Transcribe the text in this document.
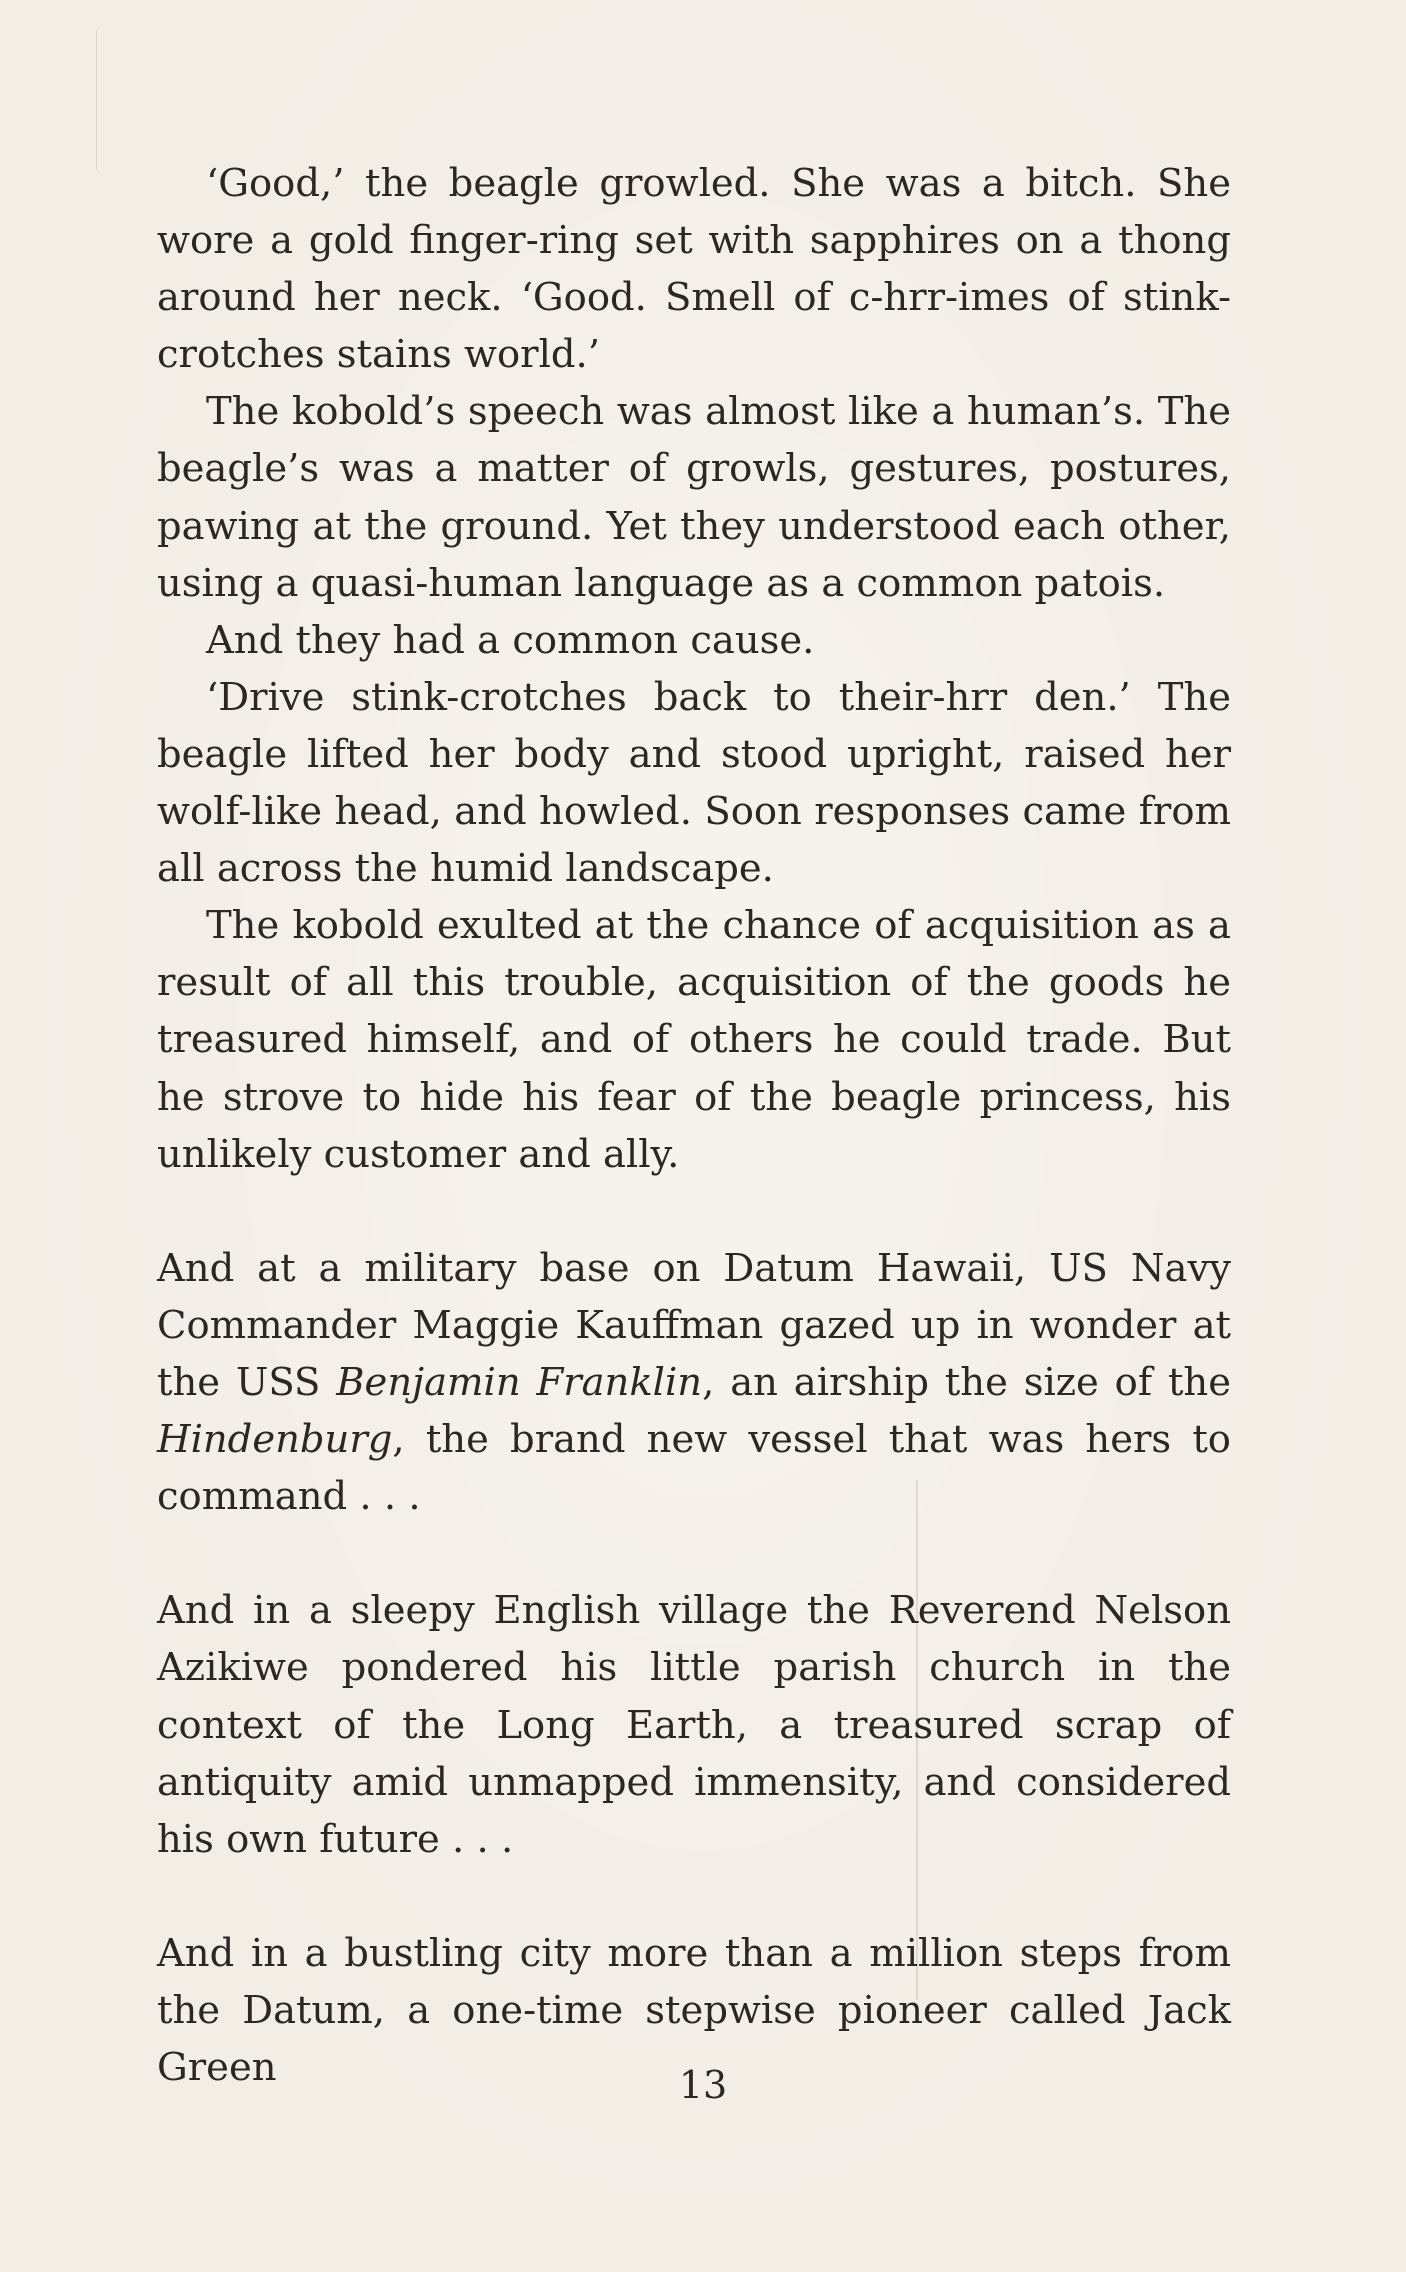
‘Good,’ the beagle growled. She was a bitch. She wore a gold finger-ring set with sapphires on a thong around her neck. ‘Good. Smell of c-hrr-imes of stink-crotches stains world.’

The kobold’s speech was almost like a human’s. The beagle’s was a matter of growls, gestures, postures, pawing at the ground. Yet they understood each other, using a quasi-human language as a common patois.

And they had a common cause.

‘Drive stink-crotches back to their-hrr den.’ The beagle lifted her body and stood upright, raised her wolf-like head, and howled. Soon responses came from all across the humid landscape.

The kobold exulted at the chance of acquisition as a result of all this trouble, acquisition of the goods he treasured himself, and of others he could trade. But he strove to hide his fear of the beagle princess, his unlikely customer and ally.

And at a military base on Datum Hawaii, US Navy Commander Maggie Kauffman gazed up in wonder at the USS Benjamin Franklin, an airship the size of the Hindenburg, the brand new vessel that was hers to command . . .

And in a sleepy English village the Reverend Nelson Azikiwe pondered his little parish church in the context of the Long Earth, a treasured scrap of antiquity amid unmapped immensity, and considered his own future . . .

And in a bustling city more than a million steps from the Datum, a one-time stepwise pioneer called Jack Green	13
